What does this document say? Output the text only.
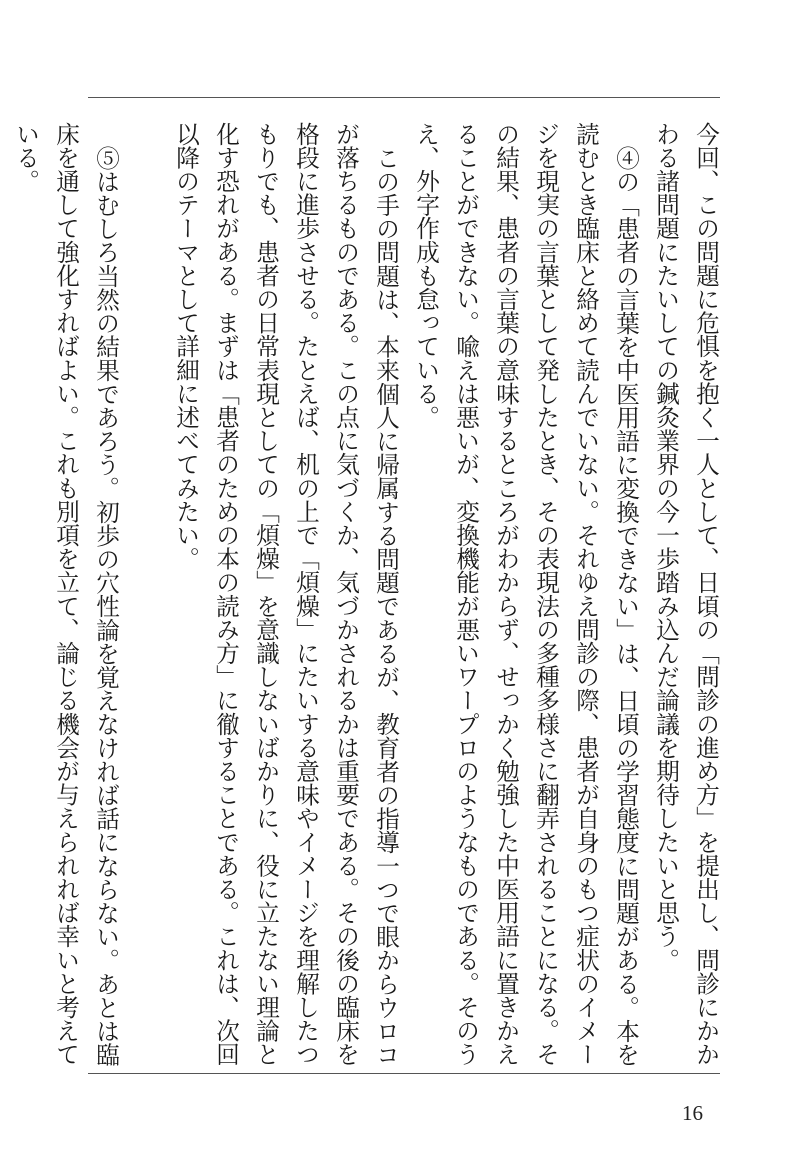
今回、この問題に危惧を抱く一人として、日頃の「問診の進め方」を提出し、問診にかかわる諸問題にたいしての鍼灸業界の今一歩踏み込んだ論議を期待したいと思う。

④の「患者の言葉を中医用語に変換できない」は、日頃の学習態度に問題がある。本を読むとき臨床と絡めて読んでいない。それゆえ問診の際、患者が自身のもつ症状のイメージを現実の言葉として発したとき、その表現法の多種多様さに翻弄されることになる。その結果、患者の言葉の意味するところがわからず、せっかく勉強した中医用語に置きかえることができない。喩えは悪いが、変換機能が悪いワープロのようなものである。そのうえ、外字作成も怠っている。

この手の問題は、本来個人に帰属する問題であるが、教育者の指導一つで眼からウロコが落ちるものである。この点に気づくか、気づかされるかは重要である。その後の臨床を格段に進歩させる。たとえば、机の上で「煩燥」にたいする意味やイメージを理解したつもりでも、患者の日常表現としての「煩燥」を意識しないばかりに、役に立たない理論と化す恐れがある。まずは「患者のための本の読み方」に徹することである。これは、次回以降のテーマとして詳細に述べてみたい。

⑤はむしろ当然の結果であろう。初歩の穴性論を覚えなければ話にならない。あとは臨床を通して強化すればよい。これも別項を立て、論じる機会が与えられれば幸いと考えている。

16
